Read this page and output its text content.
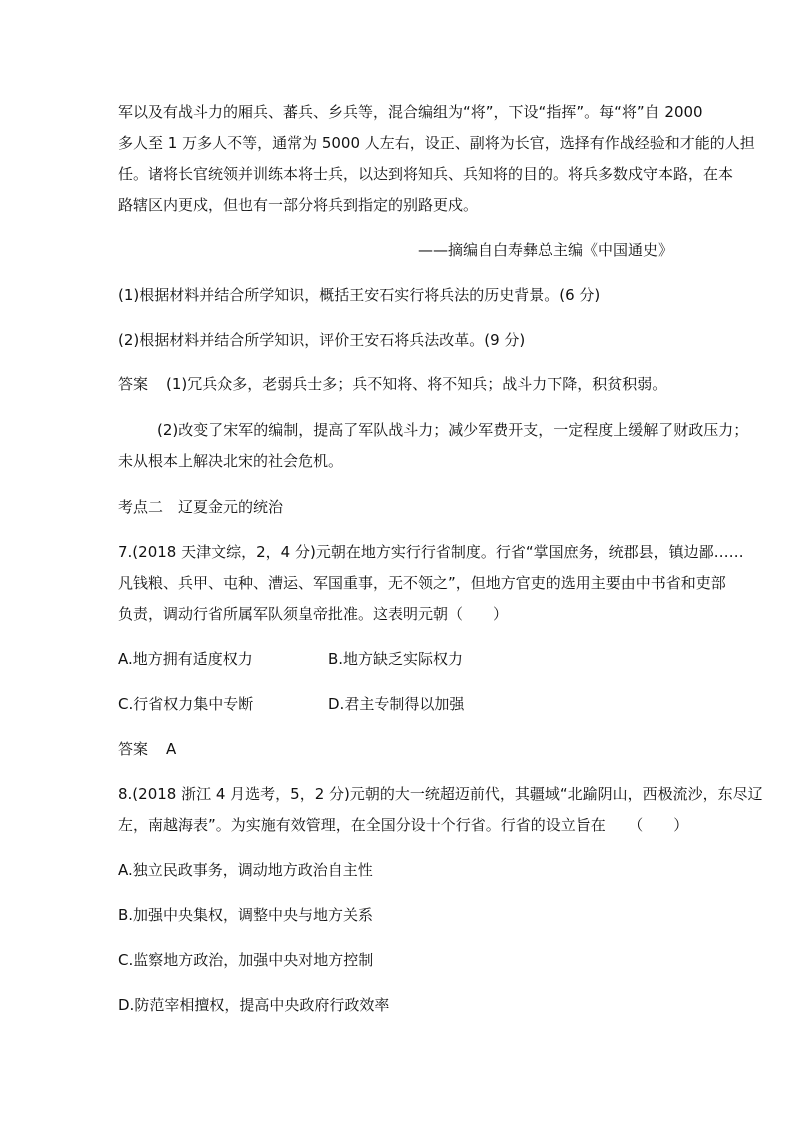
军以及有战斗力的厢兵、蕃兵、乡兵等，混合编组为“将”，下设“指挥”。每“将”自 2000
多人至 1 万多人不等，通常为 5000 人左右，设正、副将为长官，选择有作战经验和才能的人担
任。诸将长官统领并训练本将士兵，以达到将知兵、兵知将的目的。将兵多数戍守本路，在本
路辖区内更戍，但也有一部分将兵到指定的别路更戍。
——摘编自白寿彝总主编《中国通史》
(1)根据材料并结合所学知识，概括王安石实行将兵法的历史背景。(6 分)
(2)根据材料并结合所学知识，评价王安石将兵法改革。(9 分)
答案 (1)冗兵众多，老弱兵士多；兵不知将、将不知兵；战斗力下降，积贫积弱。
(2)改变了宋军的编制，提高了军队战斗力；减少军费开支，一定程度上缓解了财政压力；
未从根本上解决北宋的社会危机。
考点二　辽夏金元的统治
7.(2018 天津文综，2，4 分)元朝在地方实行行省制度。行省“掌国庶务，统郡县，镇边鄙……
凡钱粮、兵甲、屯种、漕运、军国重事，无不领之”，但地方官吏的选用主要由中书省和吏部
负责，调动行省所属军队须皇帝批准。这表明元朝（　　）
A.地方拥有适度权力	B.地方缺乏实际权力
C.行省权力集中专断	D.君主专制得以加强
答案 A
8.(2018 浙江 4 月选考，5，2 分)元朝的大一统超迈前代，其疆域“北踰阴山，西极流沙，东尽辽
左，南越海表”。为实施有效管理，在全国分设十个行省。行省的设立旨在　　（　　）
A.独立民政事务，调动地方政治自主性
B.加强中央集权，调整中央与地方关系
C.监察地方政治，加强中央对地方控制
D.防范宰相擅权，提高中央政府行政效率
